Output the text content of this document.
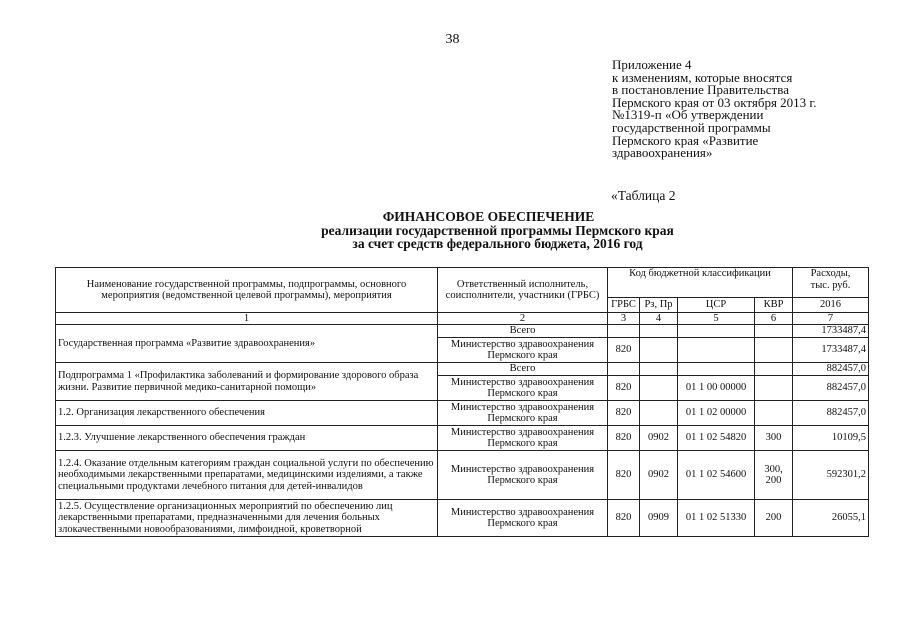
38
Приложение 4
к изменениям, которые вносятся
в постановление Правительства
Пермского края от 03 октября 2013 г.
№1319-п «Об утверждении
государственной программы
Пермского края «Развитие
здравоохранения»
«Таблица 2
ФИНАНСОВОЕ ОБЕСПЕЧЕНИЕ
реализации государственной программы Пермского края
за счет средств федерального бюджета, 2016 год
Наименование государственной программы, подпрограммы, основного мероприятия (ведомственной целевой программы), мероприятия	Ответственный исполнитель, соисполнители, участники (ГРБС)	Код бюджетной классификации				Расходы,
тыс. руб.

		ГРБС	Рз, Пр	ЦСР	КВР	2016
1	2	3	4	5	6	7
Государственная программа «Развитие здравоохранения»	Всего					1733487,4
	Министерство здравоохранения Пермского края	820				1733487,4
Подпрограмма 1 «Профилактика заболеваний и формирование здорового образа жизни. Развитие первичной медико-санитарной помощи»	Всего					882457,0
	Министерство здравоохранения Пермского края	820		01 1 00 00000		882457,0
1.2. Организация лекарственного обеспечения	Министерство здравоохранения Пермского края	820		01 1 02 00000		882457,0
1.2.3. Улучшение лекарственного обеспечения граждан	Министерство здравоохранения Пермского края	820	0902	01 1 02 54820	300	10109,5
1.2.4. Оказание отдельным категориям граждан социальной услуги по обеспечению необходимыми лекарственными препаратами, медицинскими изделиями, а также специальными продуктами лечебного питания для детей-инвалидов	Министерство здравоохранения Пермского края	820	0902	01 1 02 54600	300, 200	592301,2
1.2.5. Осуществление организационных мероприятий по обеспечению лиц лекарственными препаратами, предназначенными для лечения больных злокачественными новообразованиями, лимфоидной, кроветворной	Министерство здравоохранения Пермского края	820	0909	01 1 02 51330	200	26055,1
